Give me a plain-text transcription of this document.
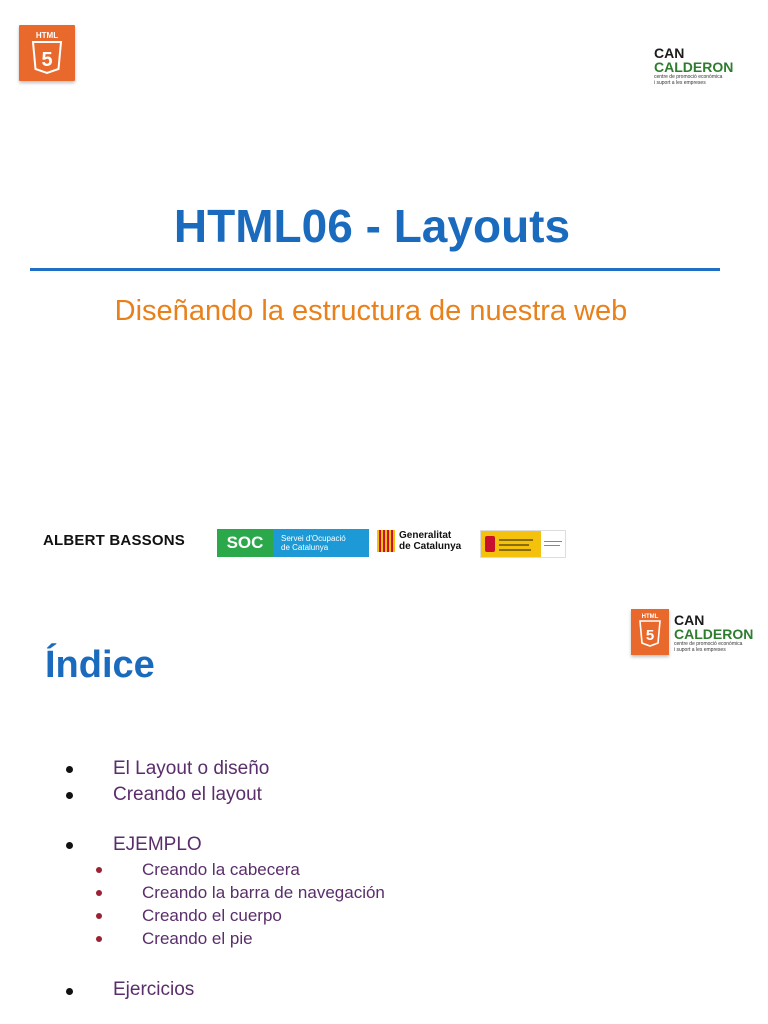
HTML
5	CAN
CALDERON
centre de promoció econòmica
i suport a les empreses
HTML06 - Layouts
Diseñando la estructura de nuestra web
ALBERT BASSONS	SOC	Servei d'Ocupació
de Catalunya
Generalitat
de Catalunya
HTML
5
CAN
CALDERON
centre de promoció econòmica
i suport a les empreses
Índice
El Layout o diseño
Creando el layout
EJEMPLO
Creando la cabecera
Creando la barra de navegación
Creando el cuerpo
Creando el pie
Ejercicios
